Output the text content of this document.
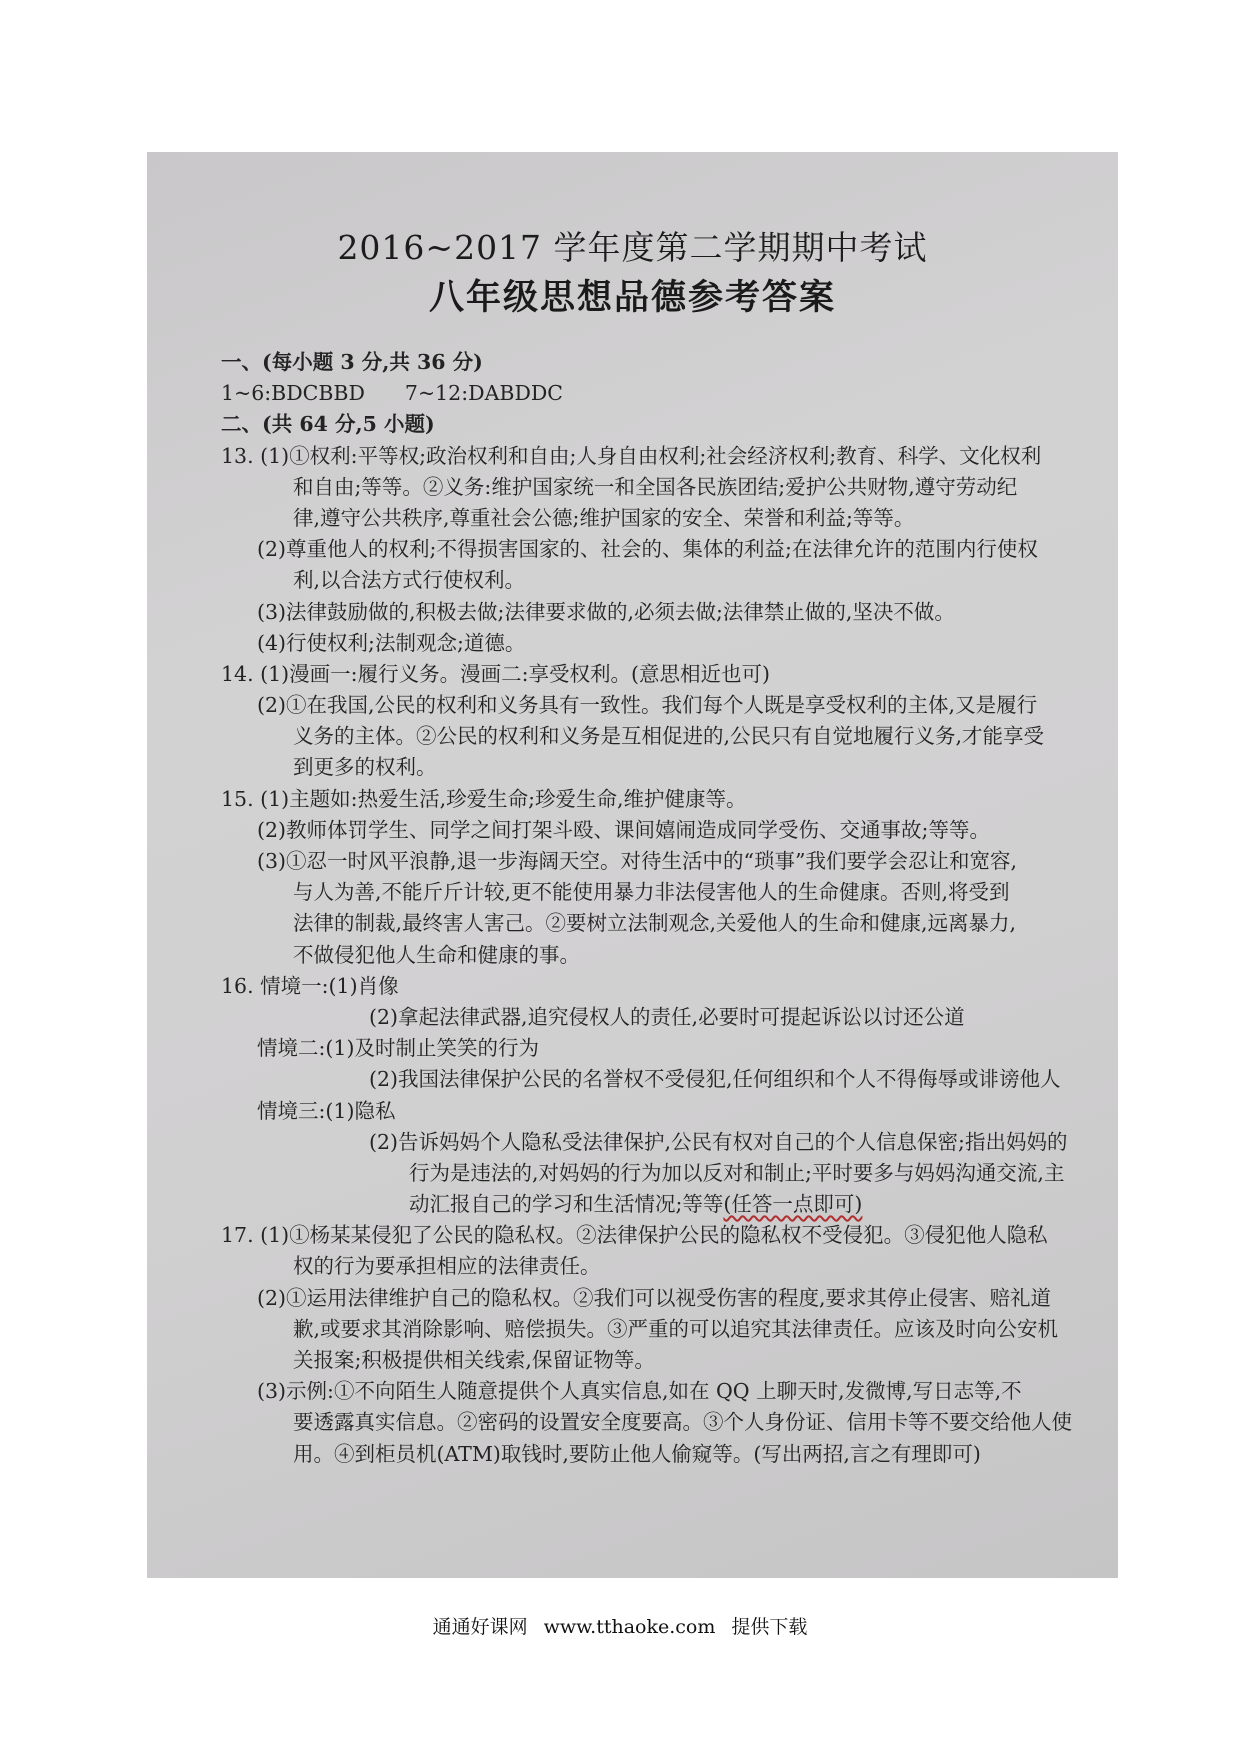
2016~2017 学年度第二学期期中考试
八年级思想品德参考答案
一、(每小题 3 分,共 36 分)
1~6:BDCBBD 7~12:DABDDC
二、(共 64 分,5 小题)
13. (1)①权利:平等权;政治权利和自由;人身自由权利;社会经济权利;教育、科学、文化权利
和自由;等等。②义务:维护国家统一和全国各民族团结;爱护公共财物,遵守劳动纪
律,遵守公共秩序,尊重社会公德;维护国家的安全、荣誉和利益;等等。
(2)尊重他人的权利;不得损害国家的、社会的、集体的利益;在法律允许的范围内行使权
利,以合法方式行使权利。
(3)法律鼓励做的,积极去做;法律要求做的,必须去做;法律禁止做的,坚决不做。
(4)行使权利;法制观念;道德。
14. (1)漫画一:履行义务。漫画二:享受权利。(意思相近也可)
(2)①在我国,公民的权利和义务具有一致性。我们每个人既是享受权利的主体,又是履行
义务的主体。②公民的权利和义务是互相促进的,公民只有自觉地履行义务,才能享受
到更多的权利。
15. (1)主题如:热爱生活,珍爱生命;珍爱生命,维护健康等。
(2)教师体罚学生、同学之间打架斗殴、课间嬉闹造成同学受伤、交通事故;等等。
(3)①忍一时风平浪静,退一步海阔天空。对待生活中的“琐事”我们要学会忍让和宽容,
与人为善,不能斤斤计较,更不能使用暴力非法侵害他人的生命健康。否则,将受到
法律的制裁,最终害人害己。②要树立法制观念,关爱他人的生命和健康,远离暴力,
不做侵犯他人生命和健康的事。
16. 情境一:(1)肖像
(2)拿起法律武器,追究侵权人的责任,必要时可提起诉讼以讨还公道
情境二:(1)及时制止笑笑的行为
(2)我国法律保护公民的名誉权不受侵犯,任何组织和个人不得侮辱或诽谤他人
情境三:(1)隐私
(2)告诉妈妈个人隐私受法律保护,公民有权对自己的个人信息保密;指出妈妈的
行为是违法的,对妈妈的行为加以反对和制止;平时要多与妈妈沟通交流,主
动汇报自己的学习和生活情况;等等(任答一点即可)
17. (1)①杨某某侵犯了公民的隐私权。②法律保护公民的隐私权不受侵犯。③侵犯他人隐私
权的行为要承担相应的法律责任。
(2)①运用法律维护自己的隐私权。②我们可以视受伤害的程度,要求其停止侵害、赔礼道
歉,或要求其消除影响、赔偿损失。③严重的可以追究其法律责任。应该及时向公安机
关报案;积极提供相关线索,保留证物等。
(3)示例:①不向陌生人随意提供个人真实信息,如在 QQ 上聊天时,发微博,写日志等,不
要透露真实信息。②密码的设置安全度要高。③个人身份证、信用卡等不要交给他人使
用。④到柜员机(ATM)取钱时,要防止他人偷窥等。(写出两招,言之有理即可)
通通好课网 www.tthaoke.com 提供下载
